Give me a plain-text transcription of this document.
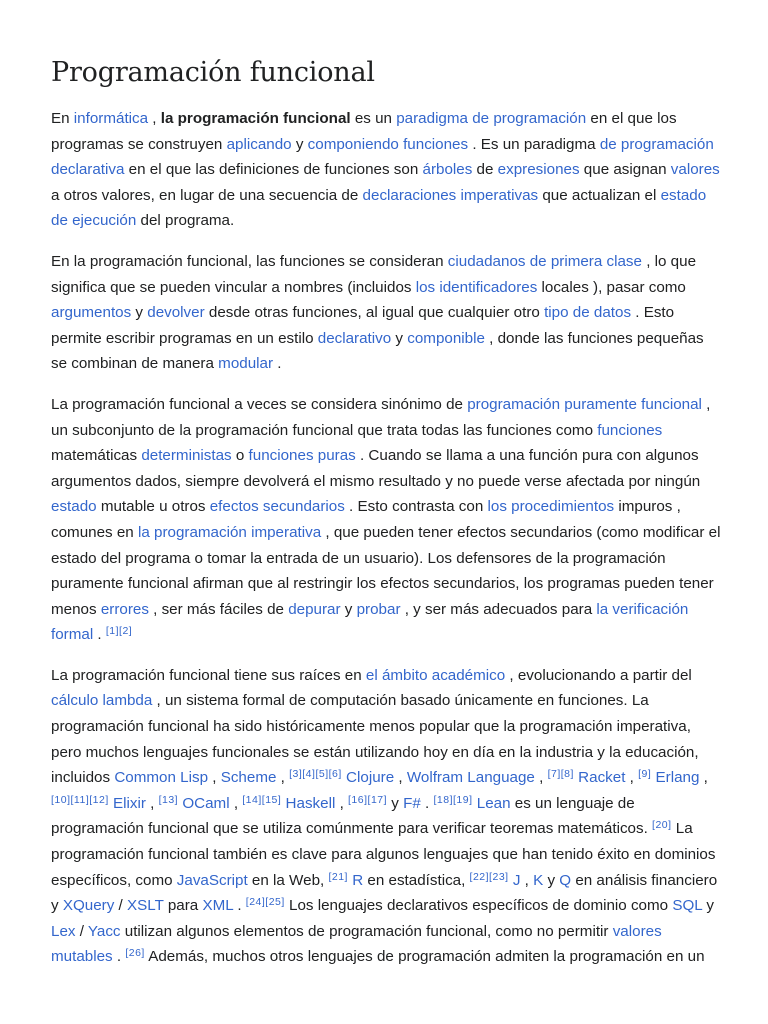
Programación funcional

En informática , la programación funcional es un paradigma de programación en el que los programas se construyen aplicando y componiendo funciones . Es un paradigma de programación declarativa en el que las definiciones de funciones son árboles de expresiones que asignan valores a otros valores, en lugar de una secuencia de declaraciones imperativas que actualizan el estado de ejecución del programa.

En la programación funcional, las funciones se consideran ciudadanos de primera clase , lo que significa que se pueden vincular a nombres (incluidos los identificadores locales ), pasar como argumentos y devolver desde otras funciones, al igual que cualquier otro tipo de datos . Esto permite escribir programas en un estilo declarativo y componible , donde las funciones pequeñas se combinan de manera modular .

La programación funcional a veces se considera sinónimo de programación puramente funcional , un subconjunto de la programación funcional que trata todas las funciones como funciones matemáticas deterministas o funciones puras . Cuando se llama a una función pura con algunos argumentos dados, siempre devolverá el mismo resultado y no puede verse afectada por ningún estado mutable u otros efectos secundarios . Esto contrasta con los procedimientos impuros , comunes en la programación imperativa , que pueden tener efectos secundarios (como modificar el estado del programa o tomar la entrada de un usuario). Los defensores de la programación puramente funcional afirman que al restringir los efectos secundarios, los programas pueden tener menos errores , ser más fáciles de depurar y probar , y ser más adecuados para la verificación formal . [1][2]

La programación funcional tiene sus raíces en el ámbito académico , evolucionando a partir del cálculo lambda , un sistema formal de computación basado únicamente en funciones. La programación funcional ha sido históricamente menos popular que la programación imperativa, pero muchos lenguajes funcionales se están utilizando hoy en día en la industria y la educación, incluidos Common Lisp , Scheme , [3][4][5][6] Clojure , Wolfram Language , [7][8] Racket , [9] Erlang , [10][11][12] Elixir , [13] OCaml , [14][15] Haskell , [16][17] y F# . [18][19] Lean es un lenguaje de programación funcional que se utiliza comúnmente para verificar teoremas matemáticos. [20] La programación funcional también es clave para algunos lenguajes que han tenido éxito en dominios específicos, como JavaScript en la Web, [21] R en estadística, [22][23] J , K y Q en análisis financiero y XQuery / XSLT para XML . [24][25] Los lenguajes declarativos específicos de dominio como SQL y Lex / Yacc utilizan algunos elementos de programación funcional, como no permitir valores mutables . [26] Además, muchos otros lenguajes de programación admiten la programación en un
